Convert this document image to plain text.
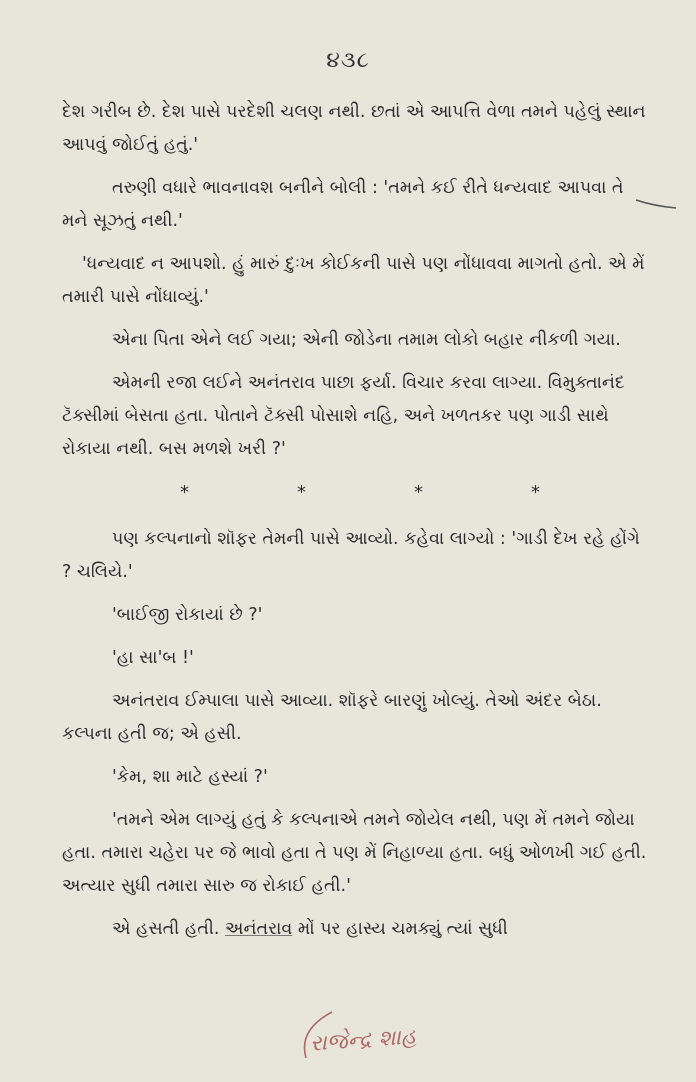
૪૩૮

દેશ ગરીબ છે. દેશ પાસે પરદેશી ચલણ નથી. છતાં એ આપત્તિ વેળા તમને પહેલું સ્થાન આપવું જોઈતું હતું.'

તરુણી વધારે ભાવનાવશ બનીને બોલી : 'તમને કઈ રીતે ધન્યવાદ આપવા તે મને સૂઝતું નથી.'

'ધન્યવાદ ન આપશો. હું મારું દુઃખ કોઈકની પાસે પણ નોંધાવવા માગતો હતો. એ મેં તમારી પાસે નોંધાવ્યું.'

એના પિતા એને લઈ ગયા; એની જોડેના તમામ લોકો બહાર નીકળી ગયા.

એમની રજા લઈને અનંતરાવ પાછા ફર્યા. વિચાર કરવા લાગ્યા. વિમુક્તાનંદ ટૅક્સીમાં બેસતા હતા. પોતાને ટૅક્સી પોસાશે નહિ, અને ખળતકર પણ ગાડી સાથે રોકાયા નથી. બસ મળશે ખરી ?'

*	*	*	*

પણ કલ્પનાનો શૉફર તેમની પાસે આવ્યો. કહેવા લાગ્યો : 'ગાડી દેખ રહે હોંગે ? ચલિયે.'

'બાઈજી રોકાયાં છે ?'

'હા સા'બ !'

અનંતરાવ ઈમ્પાલા પાસે આવ્યા. શૉફરે બારણું ખોલ્યું. તેઓ અંદર બેઠા. કલ્પના હતી જ; એ હસી.

'કેમ, શા માટે હસ્યાં ?'

'તમને એમ લાગ્યું હતું કે કલ્પનાએ તમને જોયેલ નથી, પણ મેં તમને જોયા હતા. તમારા ચહેરા પર જે ભાવો હતા તે પણ મેં નિહાળ્યા હતા. બધું ઓળખી ગઈ હતી. અત્યાર સુધી તમારા સારુ જ રોકાઈ હતી.'

એ હસતી હતી. અનંતરાવ મોં પર હાસ્ય ચમક્યું ત્યાં સુધી

રાજેન્દ્ર શાહ
